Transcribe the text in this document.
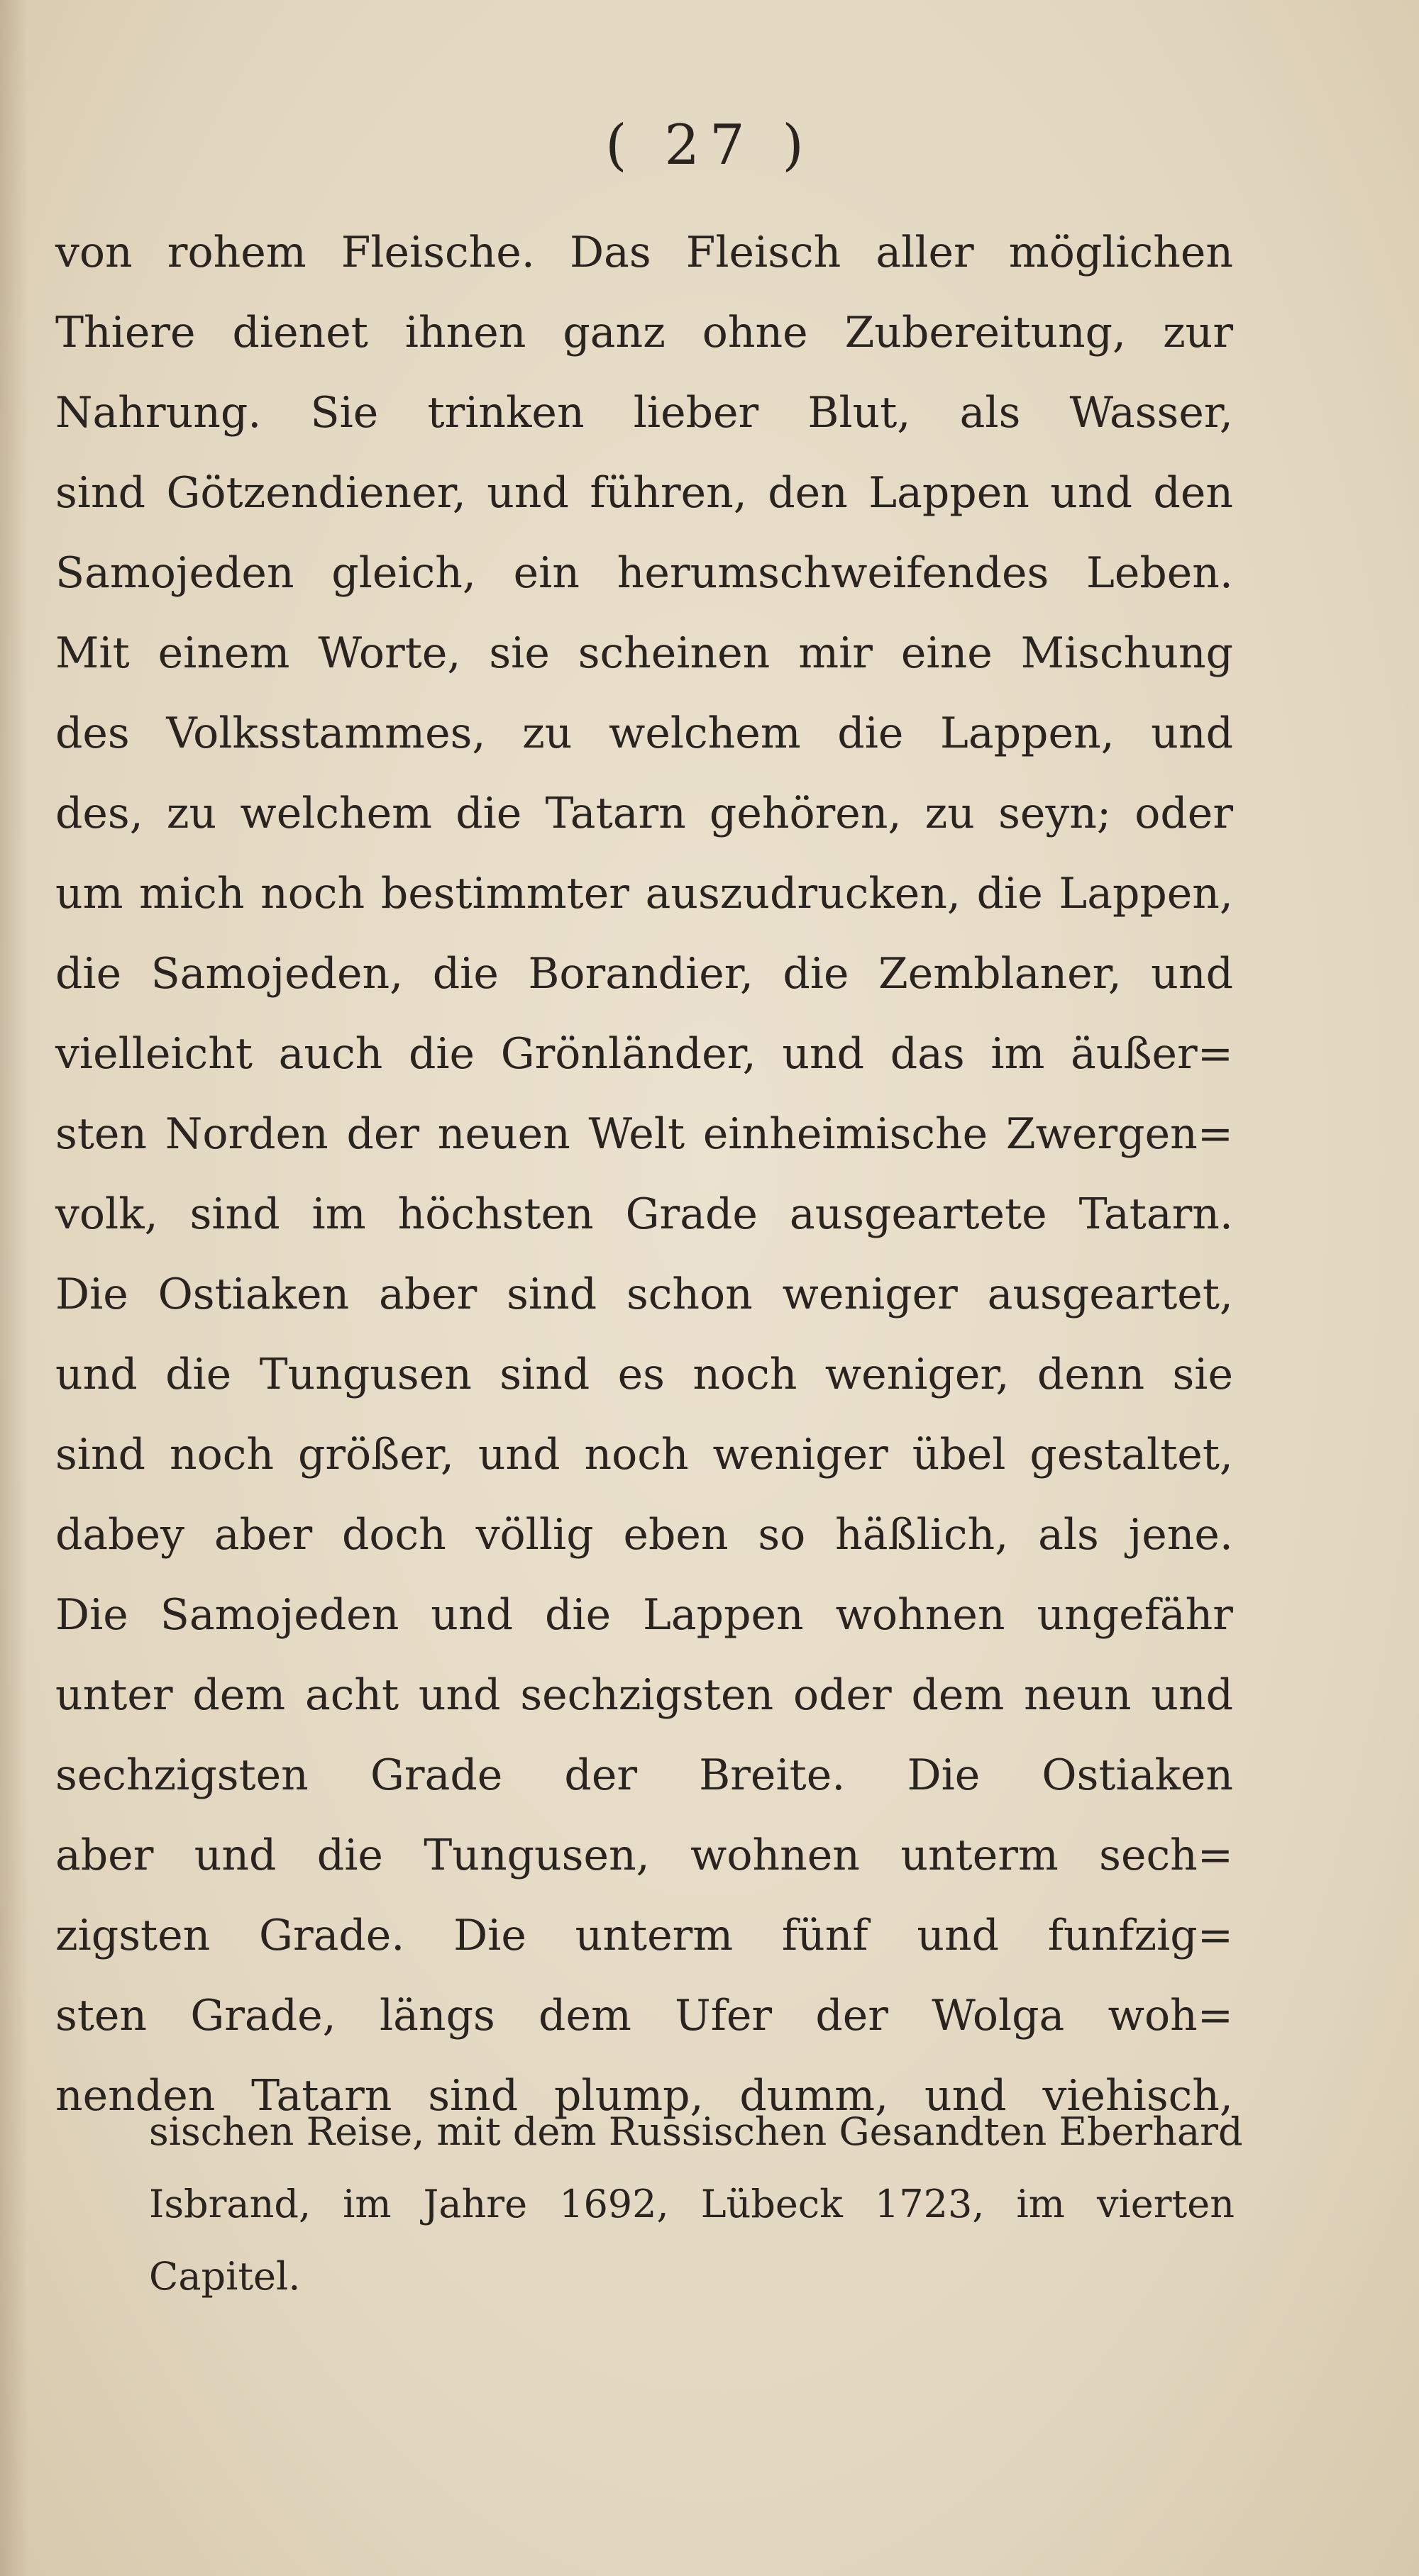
( 27 )
von rohem Fleische. Das Fleisch aller möglichen
Thiere dienet ihnen ganz ohne Zubereitung, zur
Nahrung. Sie trinken lieber Blut, als Wasser,
sind Götzendiener, und führen, den Lappen und den
Samojeden gleich, ein herumschweifendes Leben.
Mit einem Worte, sie scheinen mir eine Mischung
des Volksstammes, zu welchem die Lappen, und
des, zu welchem die Tatarn gehören, zu seyn; oder
um mich noch bestimmter auszudrucken, die Lappen,
die Samojeden, die Borandier, die Zemblaner, und
vielleicht auch die Grönländer, und das im äußer=
sten Norden der neuen Welt einheimische Zwergen=
volk, sind im höchsten Grade ausgeartete Tatarn.
Die Ostiaken aber sind schon weniger ausgeartet,
und die Tungusen sind es noch weniger, denn sie
sind noch größer, und noch weniger übel gestaltet,
dabey aber doch völlig eben so häßlich, als jene.
Die Samojeden und die Lappen wohnen ungefähr
unter dem acht und sechzigsten oder dem neun und
sechzigsten Grade der Breite. Die Ostiaken
aber und die Tungusen, wohnen unterm sech=
zigsten Grade. Die unterm fünf und funfzig=
sten Grade, längs dem Ufer der Wolga woh=
nenden Tatarn sind plump, dumm, und viehisch,
sischen Reise, mit dem Russischen Gesandten Eberhard
Isbrand, im Jahre 1692, Lübeck 1723, im vierten
Capitel.
